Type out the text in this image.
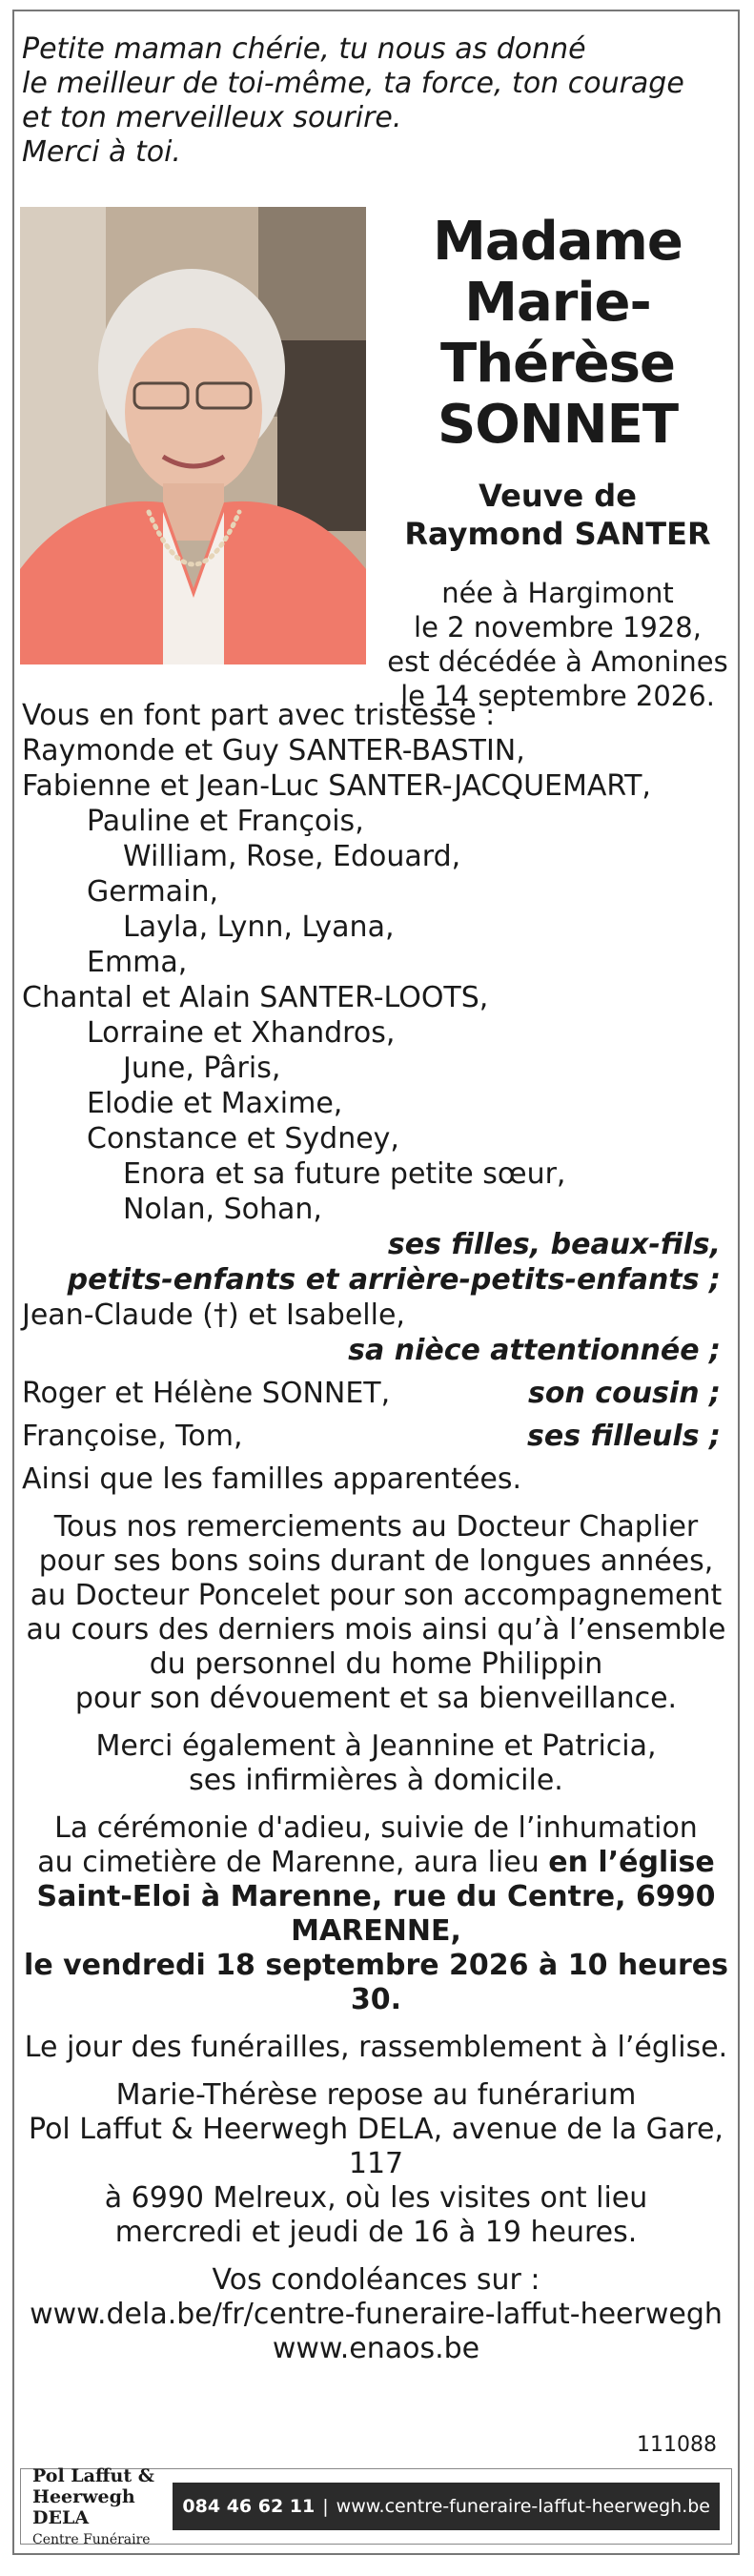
Petite maman chérie, tu nous as donné
le meilleur de toi-même, ta force, ton courage
et ton merveilleux sourire.
Merci à toi.
Madame
Marie-Thérèse
SONNET
Veuve de
Raymond SANTER
née à Hargimont
le 2 novembre 1928,
est décédée à Amonines
le 14 septembre 2026.
Vous en font part avec tristesse :
Raymonde et Guy SANTER-BASTIN,
Fabienne et Jean-Luc SANTER-JACQUEMART,
Pauline et François,
William, Rose, Edouard,
Germain,
Layla, Lynn, Lyana,
Emma,
Chantal et Alain SANTER-LOOTS,
Lorraine et Xhandros,
June, Pâris,
Elodie et Maxime,
Constance et Sydney,
Enora et sa future petite sœur,
Nolan, Sohan,
ses filles, beaux-fils,
petits-enfants et arrière-petits-enfants ;
Jean-Claude (†) et Isabelle,
sa nièce attentionnée ;
Roger et Hélène SONNET,	son cousin ;
Françoise, Tom,	ses filleuls ;
Ainsi que les familles apparentées.
Tous nos remerciements au Docteur Chaplier
pour ses bons soins durant de longues années,
au Docteur Poncelet pour son accompagnement
au cours des derniers mois ainsi qu’à l’ensemble
du personnel du home Philippin
pour son dévouement et sa bienveillance.
Merci également à Jeannine et Patricia,
ses infirmières à domicile.
La cérémonie d'adieu, suivie de l’inhumation
au cimetière de Marenne, aura lieu en l’église
Saint-Eloi à Marenne, rue du Centre, 6990 MARENNE,
le vendredi 18 septembre 2026 à 10 heures 30.
Le jour des funérailles, rassemblement à l’église.
Marie-Thérèse repose au funérarium
Pol Laffut & Heerwegh DELA, avenue de la Gare, 117
à 6990 Melreux, où les visites ont lieu
mercredi et jeudi de 16 à 19 heures.
Vos condoléances sur :
www.dela.be/fr/centre-funeraire-laffut-heerwegh
www.enaos.be
111088
Pol Laffut & Heerwegh DELA
Centre Funéraire
084 46 62 11 | www.centre-funeraire-laffut-heerwegh.be
